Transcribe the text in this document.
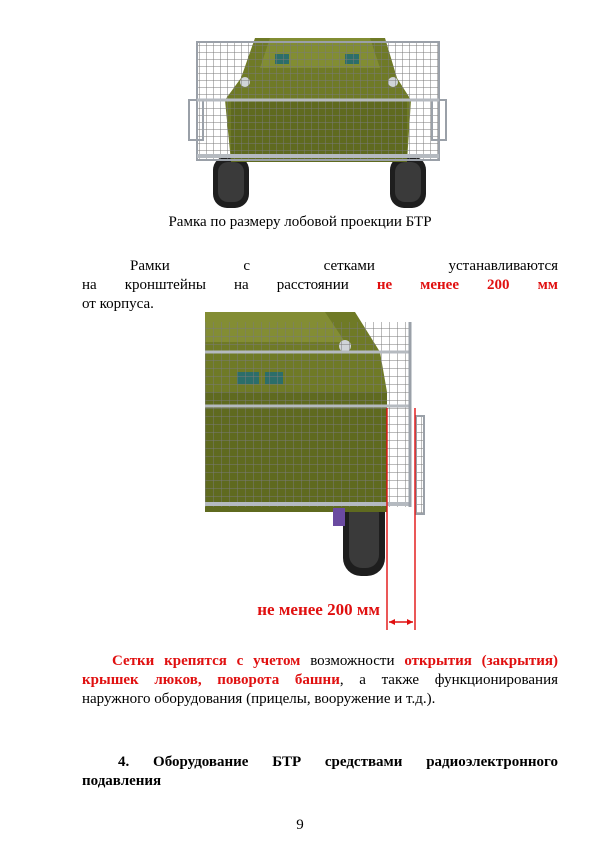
Рамка по размеру лобовой проекции БТР
Рамки	с	сетками	устанавливаются
на кронштейны на расстоянии не менее 200 мм
от корпуса.
не менее 200 мм
Сетки крепятся с учетом возможности открытия (закрытия) крышек люков, поворота башни, а также функционирования наружного оборудования (прицелы, вооружение и т.д.).
4. Оборудование БТР средствами радиоэлектронного подавления
9
